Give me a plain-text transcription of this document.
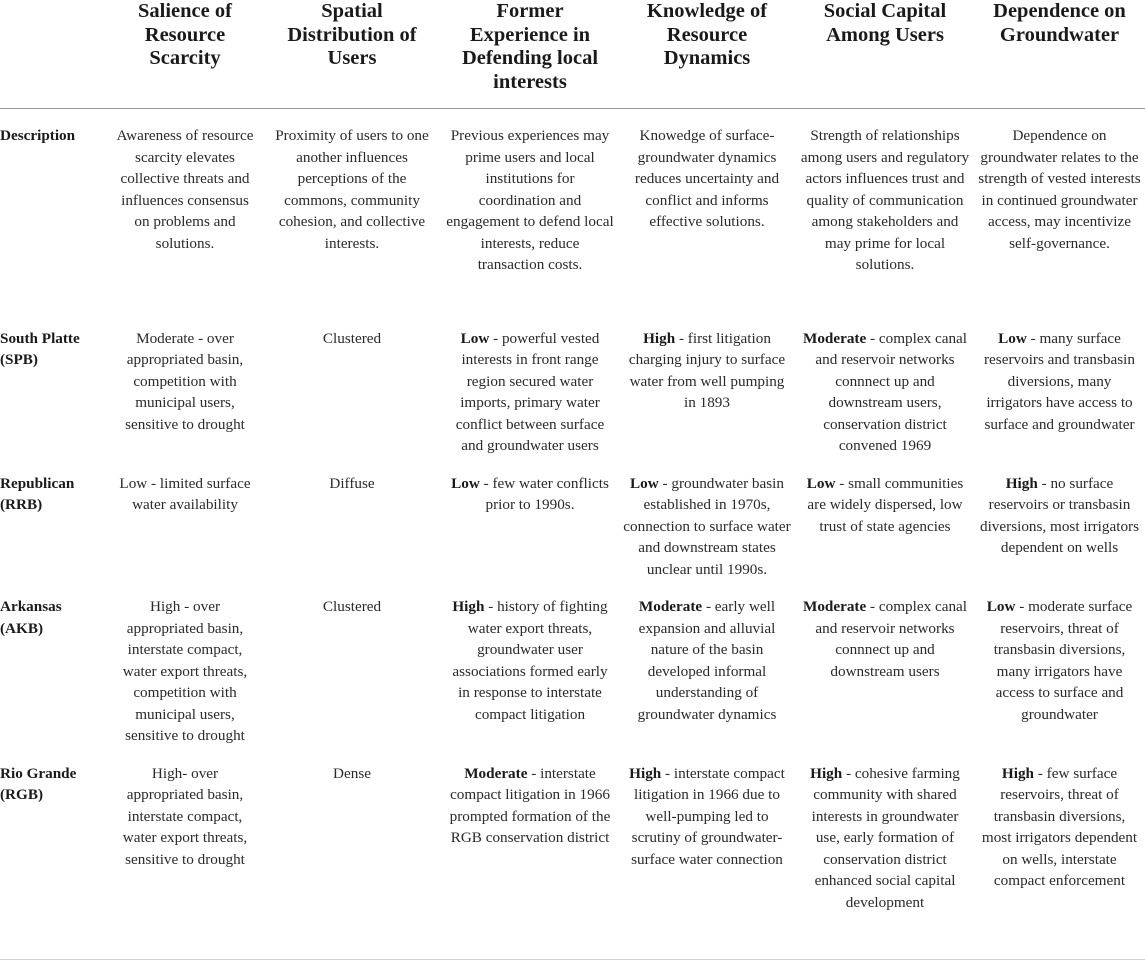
	Salience of Resource Scarcity	Spatial Distribution of Users	Former Experience in Defending local interests	Knowledge of Resource Dynamics	Social Capital Among Users	Dependence on Groundwater
Description	Awareness of resource scarcity elevates collective threats and influences consensus on problems and solutions.	Proximity of users to one another influences perceptions of the commons, community cohesion, and collective interests.	Previous experiences may prime users and local institutions for coordination and engagement to defend local interests, reduce transaction costs.	Knowedge of surface-groundwater dynamics reduces uncertainty and conflict and informs effective solutions.	Strength of relationships among users and regulatory actors influences trust and quality of communication among stakeholders and may prime for local solutions.	Dependence on groundwater relates to the strength of vested interests in continued groundwater access, may incentivize self-governance.
South Platte (SPB)	Moderate - over appropriated basin, competition with municipal users, sensitive to drought	Clustered	Low - powerful vested interests in front range region secured water imports, primary water conflict between surface and groundwater users	High - first litigation charging injury to surface water from well pumping in 1893	Moderate - complex canal and reservoir networks connnect up and downstream users, conservation district convened 1969	Low - many surface reservoirs and transbasin diversions, many irrigators have access to surface and groundwater
Republican (RRB)	Low - limited surface water availability	Diffuse	Low - few water conflicts prior to 1990s.	Low - groundwater basin established in 1970s, connection to surface water and downstream states unclear until 1990s.	Low - small communities are widely dispersed, low trust of state agencies	High - no surface reservoirs or transbasin diversions, most irrigators dependent on wells
Arkansas (AKB)	High - over appropriated basin, interstate compact, water export threats, competition with municipal users, sensitive to drought	Clustered	High - history of fighting water export threats, groundwater user associations formed early in response to interstate compact litigation	Moderate - early well expansion and alluvial nature of the basin developed informal understanding of groundwater dynamics	Moderate - complex canal and reservoir networks connnect up and downstream users	Low - moderate surface reservoirs, threat of transbasin diversions, many irrigators have access to surface and groundwater
Rio Grande (RGB)	High- over appropriated basin, interstate compact, water export threats, sensitive to drought	Dense	Moderate - interstate compact litigation in 1966 prompted formation of the RGB conservation district	High - interstate compact litigation in 1966 due to well-pumping led to scrutiny of groundwater-surface water connection	High - cohesive farming community with shared interests in groundwater use, early formation of conservation district enhanced social capital development	High - few surface reservoirs, threat of transbasin diversions, most irrigators dependent on wells, interstate compact enforcement
